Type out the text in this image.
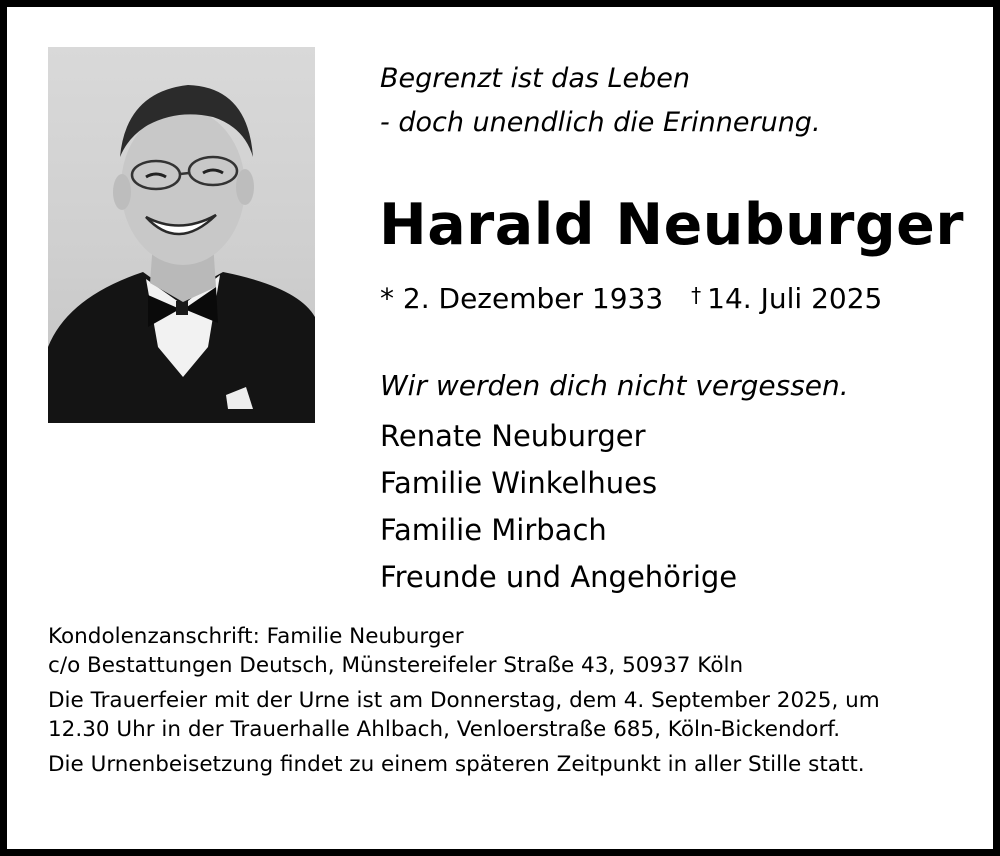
Begrenzt ist das Leben
- doch unendlich die Erinnerung.
Harald Neuburger
* 2. Dezember 1933 † 14. Juli 2025
Wir werden dich nicht vergessen.
Renate Neuburger
Familie Winkelhues
Familie Mirbach
Freunde und Angehörige

Kondolenzanschrift: Familie Neuburger

c/o Bestattungen Deutsch, Münstereifeler Straße 43, 50937 Köln

Die Trauerfeier mit der Urne ist am Donnerstag, dem 4. September 2025, um

12.30 Uhr in der Trauerhalle Ahlbach, Venloerstraße 685, Köln-Bickendorf.

Die Urnenbeisetzung findet zu einem späteren Zeitpunkt in aller Stille statt.
